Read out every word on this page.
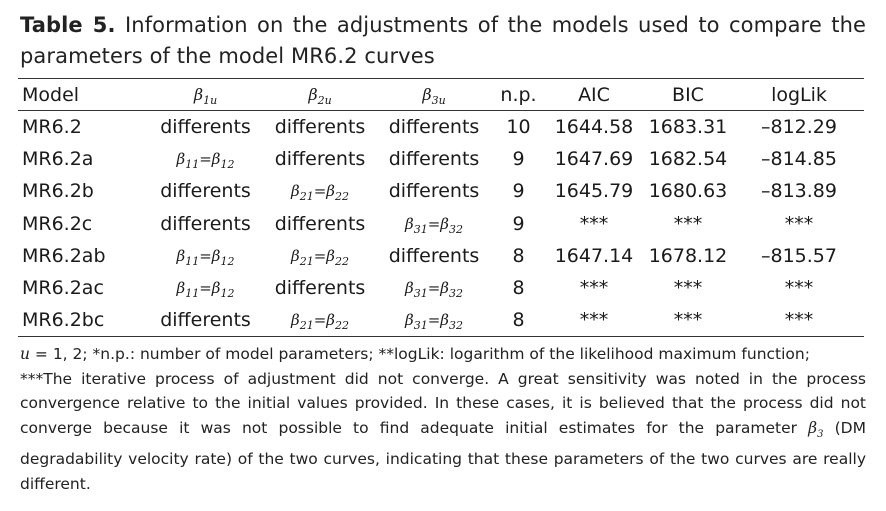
Table 5. Information on the adjustments of the models used to compare the parameters of the model MR6.2 curves
Model	$\beta_{1u}$	$\beta_{2u}$	$\beta_{3u}$	n.p.	AIC	BIC	logLik
MR6.2	differents	differents	differents	10	1644.58	1683.31	–812.29
MR6.2a	$\beta_{11}=\beta_{12}$	differents	differents	9	1647.69	1682.54	–814.85
MR6.2b	differents	$\beta_{21}=\beta_{22}$	differents	9	1645.79	1680.63	–813.89
MR6.2c	differents	differents	$\beta_{31}=\beta_{32}$	9	***	***	***
MR6.2ab	$\beta_{11}=\beta_{12}$	$\beta_{21}=\beta_{22}$	differents	8	1647.14	1678.12	–815.57
MR6.2ac	$\beta_{11}=\beta_{12}$	differents	$\beta_{31}=\beta_{32}$	8	***	***	***
MR6.2bc	differents	$\beta_{21}=\beta_{22}$	$\beta_{31}=\beta_{32}$	8	***	***	***

u = 1, 2; *n.p.: number of model parameters; **logLik: logarithm of the likelihood maximum function;

***The iterative process of adjustment did not converge. A great sensitivity was noted in the process convergence relative to the initial values provided. In these cases, it is believed that the process did not converge because it was not possible to find adequate initial estimates for the parameter $\beta_3$ (DM degradability velocity rate) of the two curves, indicating that these parameters of the two curves are really different.
